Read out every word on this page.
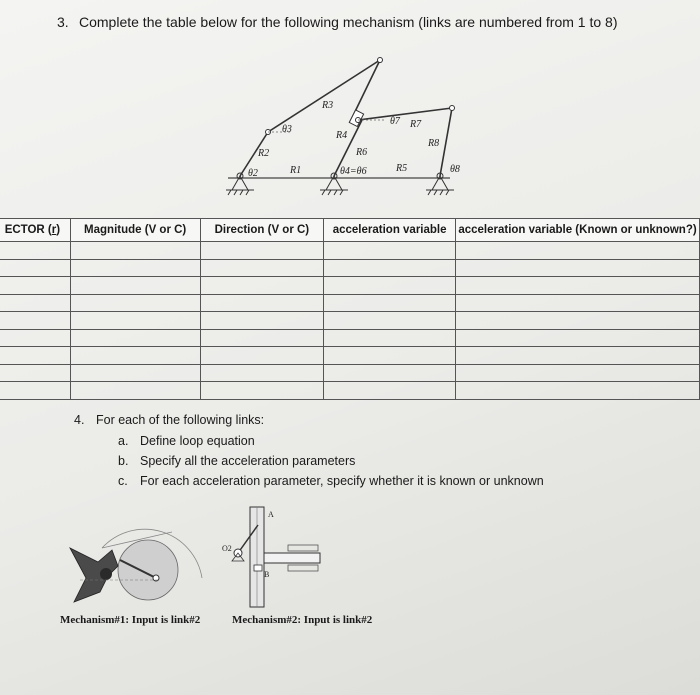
3. Complete the table below for the following mechanism (links are numbered from 1 to 8)
R3
R2
R1
R4
R6
R5
R7
R8
θ2
θ3
θ7
θ8
θ4=θ6
ECTOR (r)	Magnitude (V or C)	Direction (V or C)	acceleration variable	acceleration variable (Known or unknown?)

4. For each of the following links:
a. Define loop equation
b. Specify all the acceleration parameters
c. For each acceleration parameter, specify whether it is known or unknown
A
B
O2
Mechanism#1: Input is link#2	Mechanism#2: Input is link#2
